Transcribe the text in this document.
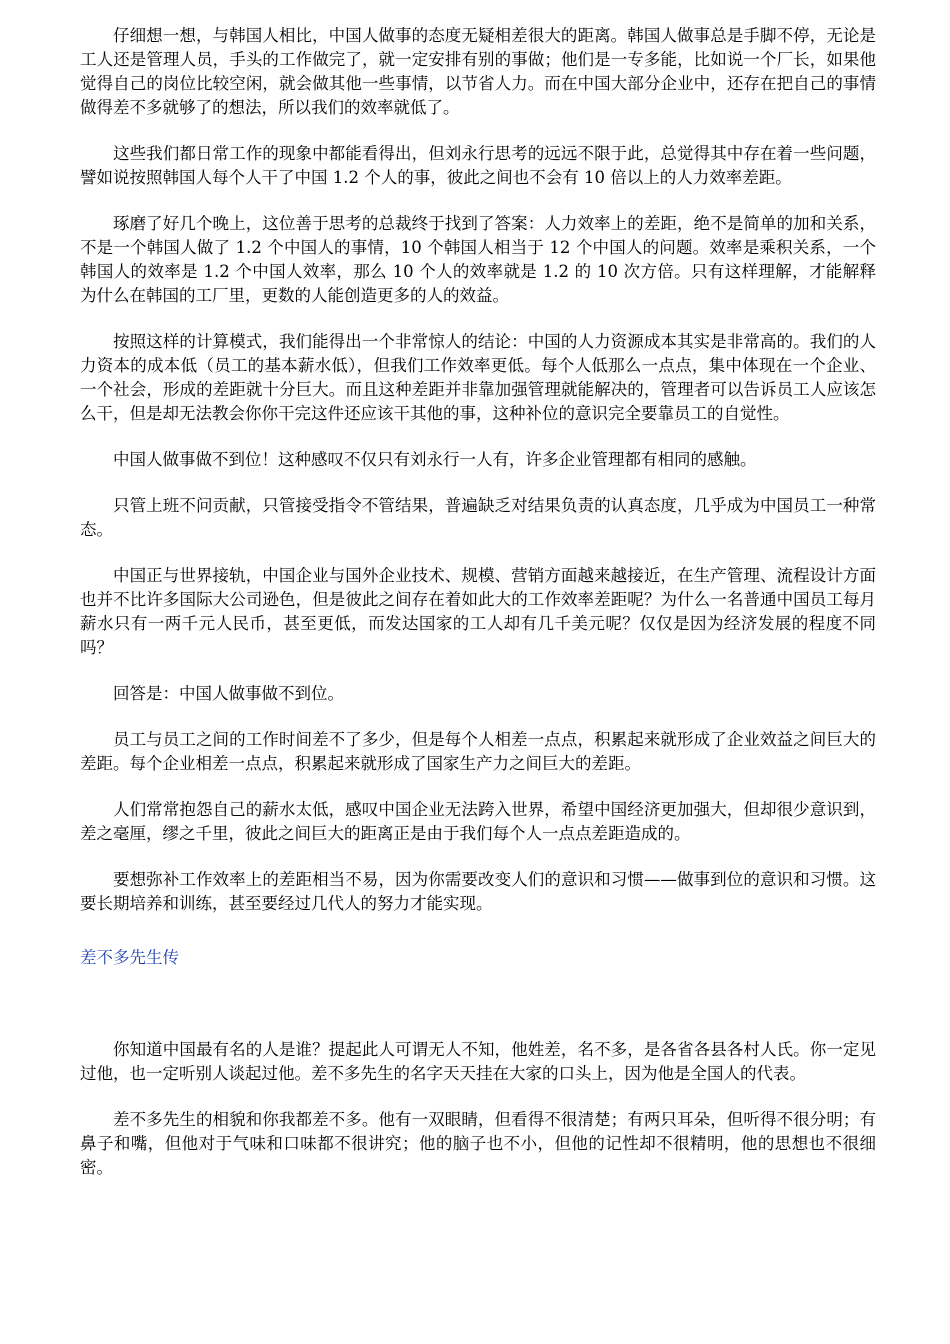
仔细想一想，与韩国人相比，中国人做事的态度无疑相差很大的距离。韩国人做事总是手脚不停，无论是工人还是管理人员，手头的工作做完了，就一定安排有别的事做；他们是一专多能，比如说一个厂长，如果他觉得自己的岗位比较空闲，就会做其他一些事情，以节省人力。而在中国大部分企业中，还存在把自己的事情做得差不多就够了的想法，所以我们的效率就低了。

这些我们都日常工作的现象中都能看得出，但刘永行思考的远远不限于此，总觉得其中存在着一些问题，譬如说按照韩国人每个人干了中国 1.2 个人的事，彼此之间也不会有 10 倍以上的人力效率差距。

琢磨了好几个晚上，这位善于思考的总裁终于找到了答案：人力效率上的差距，绝不是简单的加和关系，不是一个韩国人做了 1.2 个中国人的事情，10 个韩国人相当于 12 个中国人的问题。效率是乘积关系，一个韩国人的效率是 1.2 个中国人效率，那么 10 个人的效率就是 1.2 的 10 次方倍。只有这样理解，才能解释为什么在韩国的工厂里，更数的人能创造更多的人的效益。

按照这样的计算模式，我们能得出一个非常惊人的结论：中国的人力资源成本其实是非常高的。我们的人力资本的成本低（员工的基本薪水低），但我们工作效率更低。每个人低那么一点点，集中体现在一个企业、一个社会，形成的差距就十分巨大。而且这种差距并非靠加强管理就能解决的，管理者可以告诉员工人应该怎么干，但是却无法教会你你干完这件还应该干其他的事，这种补位的意识完全要靠员工的自觉性。

中国人做事做不到位！这种感叹不仅只有刘永行一人有，许多企业管理都有相同的感触。

只管上班不问贡献，只管接受指令不管结果，普遍缺乏对结果负责的认真态度，几乎成为中国员工一种常态。

中国正与世界接轨，中国企业与国外企业技术、规模、营销方面越来越接近，在生产管理、流程设计方面也并不比许多国际大公司逊色，但是彼此之间存在着如此大的工作效率差距呢？为什么一名普通中国员工每月薪水只有一两千元人民币，甚至更低，而发达国家的工人却有几千美元呢？仅仅是因为经济发展的程度不同吗？

回答是：中国人做事做不到位。

员工与员工之间的工作时间差不了多少，但是每个人相差一点点，积累起来就形成了企业效益之间巨大的差距。每个企业相差一点点，积累起来就形成了国家生产力之间巨大的差距。

人们常常抱怨自己的薪水太低，感叹中国企业无法跨入世界，希望中国经济更加强大，但却很少意识到，差之毫厘，缪之千里，彼此之间巨大的距离正是由于我们每个人一点点差距造成的。

要想弥补工作效率上的差距相当不易，因为你需要改变人们的意识和习惯——做事到位的意识和习惯。这要长期培养和训练，甚至要经过几代人的努力才能实现。

差不多先生传

你知道中国最有名的人是谁？提起此人可谓无人不知，他姓差，名不多，是各省各县各村人氏。你一定见过他，也一定听别人谈起过他。差不多先生的名字天天挂在大家的口头上，因为他是全国人的代表。

差不多先生的相貌和你我都差不多。他有一双眼睛，但看得不很清楚；有两只耳朵，但听得不很分明；有鼻子和嘴，但他对于气味和口味都不很讲究；他的脑子也不小，但他的记性却不很精明，他的思想也不很细密。
